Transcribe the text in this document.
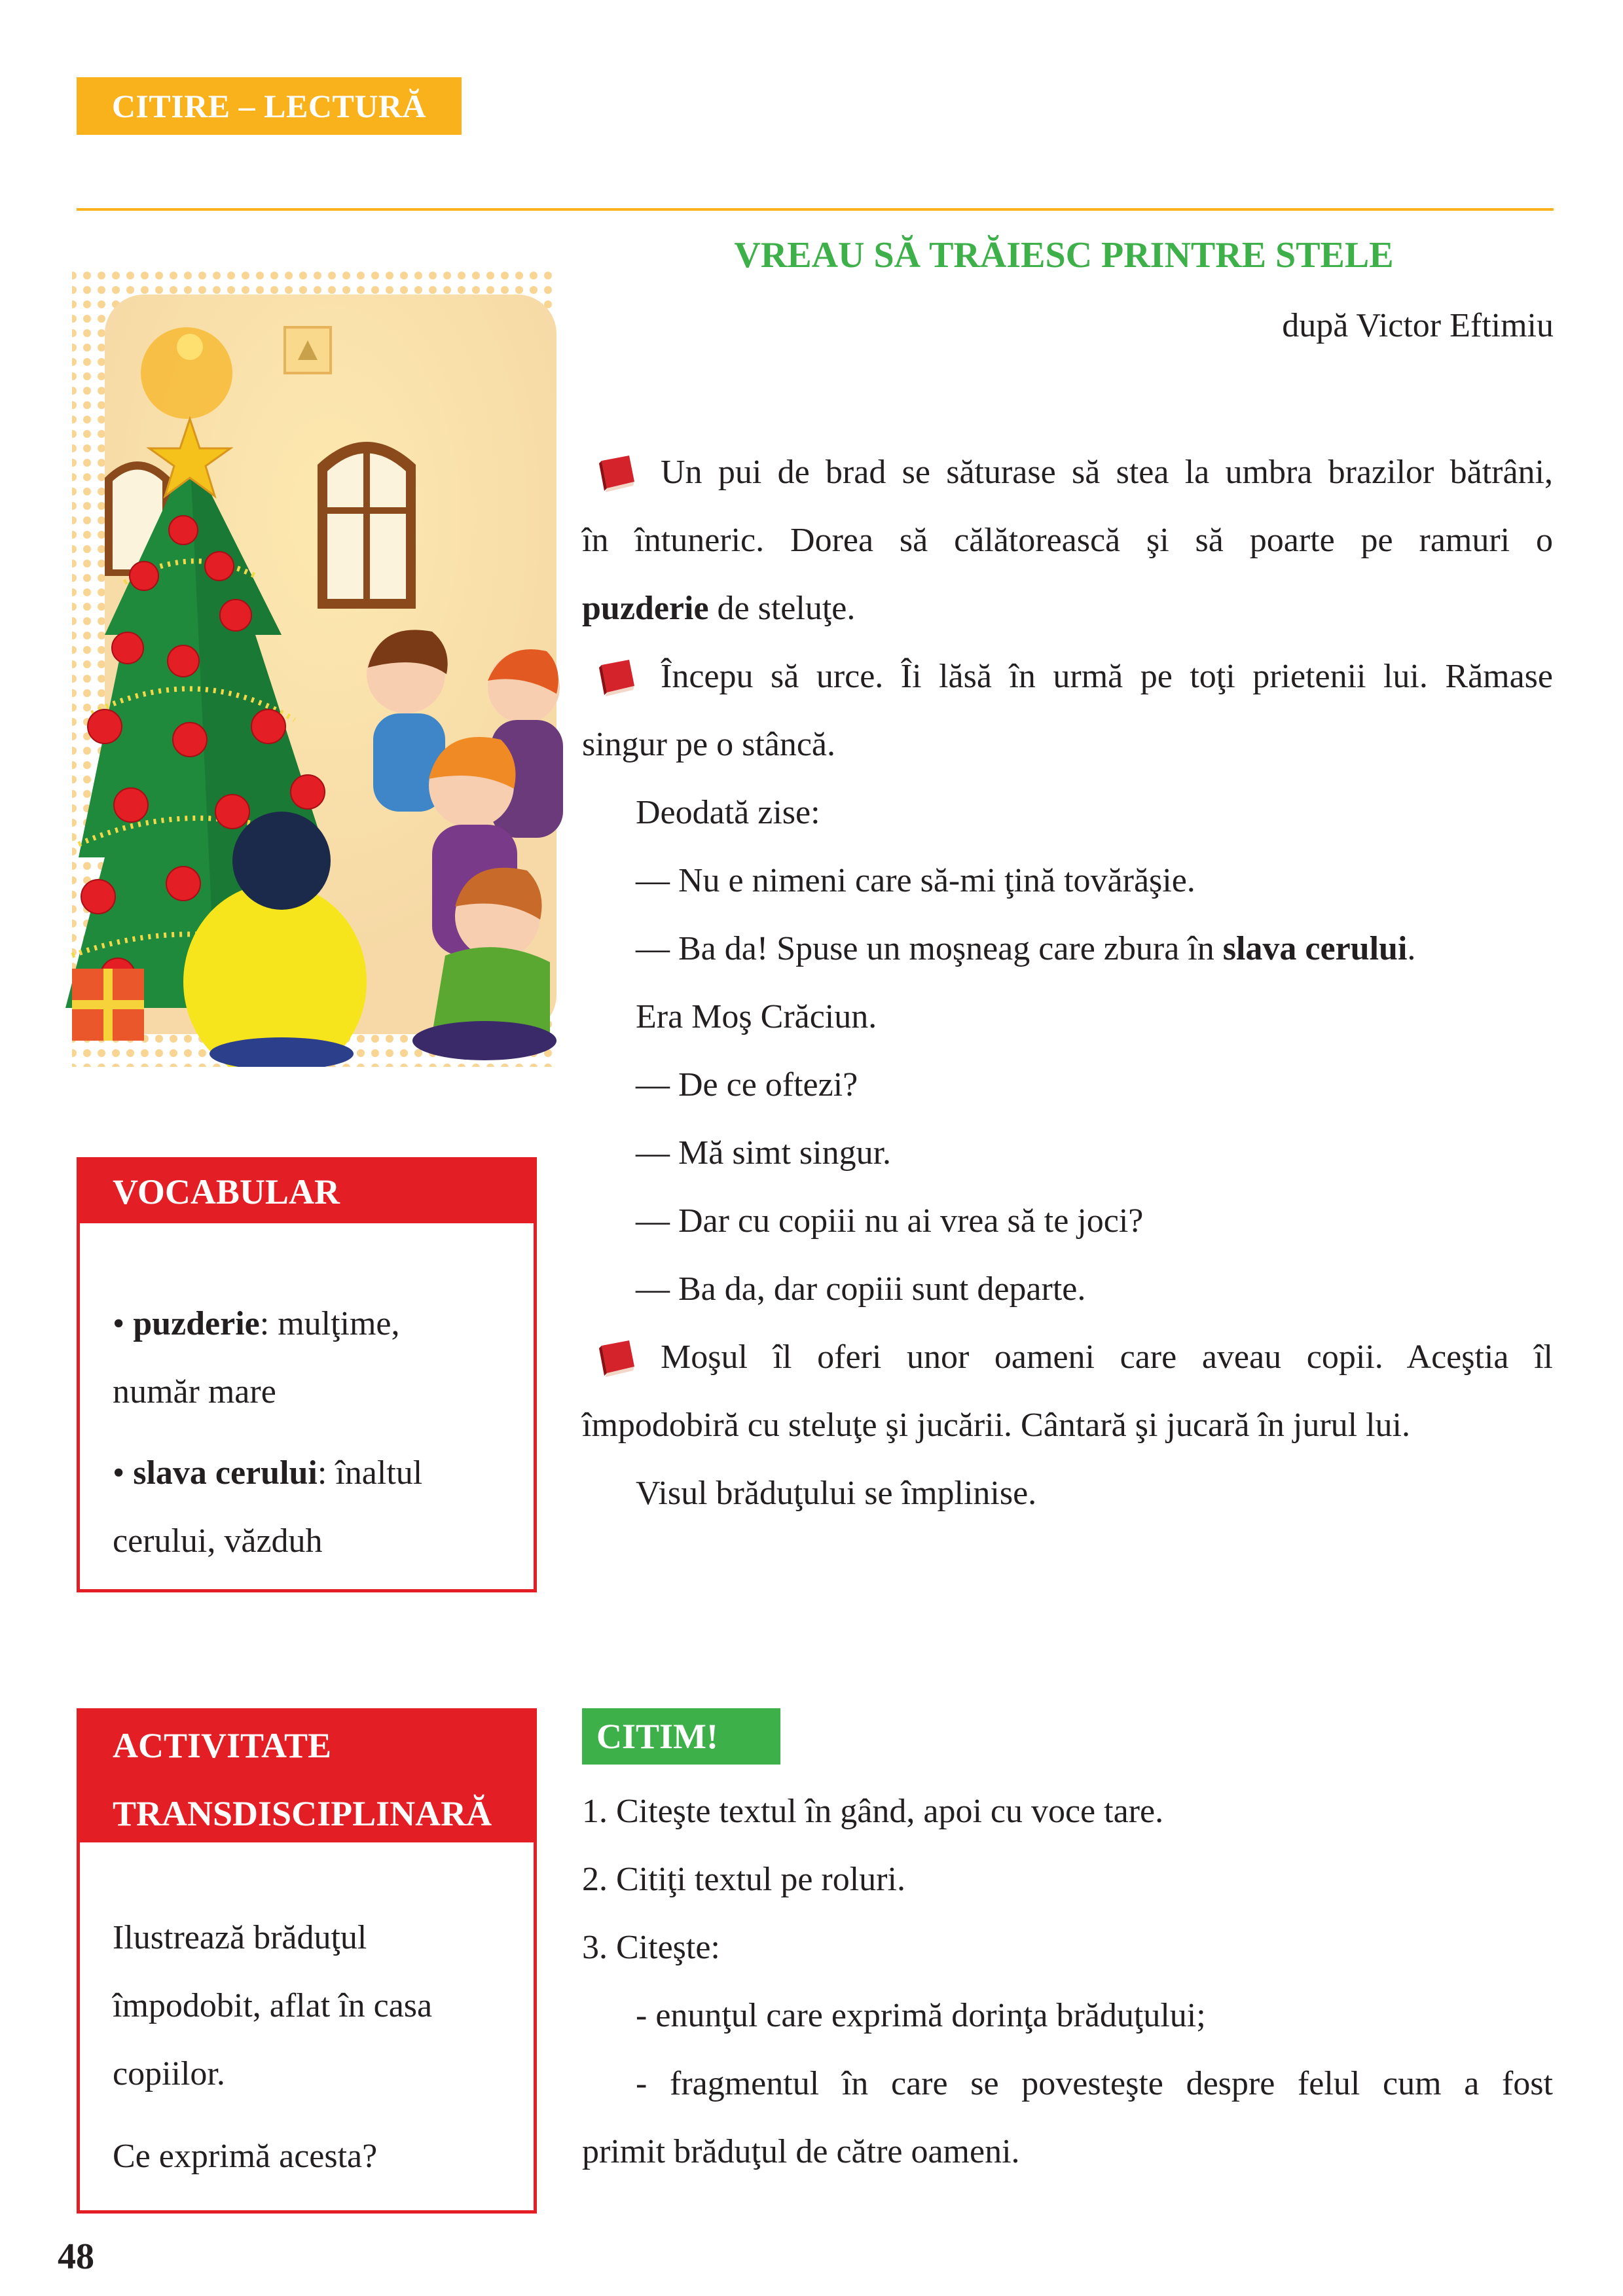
CITIRE – LECTURĂ
VREAU SĂ TRĂIESC PRINTRE STELE
după Victor Eftimiu
Un pui de brad se săturase să stea la umbra brazilor bătrâni,
în întuneric. Dorea să călătorească şi să poarte pe ramuri o
puzderie de steluţe.
Începu să urce. Îi lăsă în urmă pe toţi prietenii lui. Rămase
singur pe o stâncă.
Deodată zise:
— Nu e nimeni care să-mi ţină tovărăşie.
— Ba da! Spuse un moşneag care zbura în slava cerului.
Era Moş Crăciun.
— De ce oftezi?
— Mă simt singur.
— Dar cu copiii nu ai vrea să te joci?
— Ba da, dar copiii sunt departe.
Moşul îl oferi unor oameni care aveau copii. Aceştia îl
împodobiră cu steluţe şi jucării. Cântară şi jucară în jurul lui.
Visul brăduţului se împlinise.
VOCABULAR
• puzderie: mulţime,
număr mare
• slava cerului: înaltul
cerului, văzduh
ACTIVITATE
TRANSDISCIPLINARĂ
Ilustrează brăduţul
împodobit, aflat în casa
copiilor.
Ce exprimă acesta?
CITIM!
1. Citeşte textul în gând, apoi cu voce tare.
2. Citiţi textul pe roluri.
3. Citeşte:
- enunţul care exprimă dorinţa brăduţului;
- fragmentul în care se povesteşte despre felul cum a fost
primit brăduţul de către oameni.
48
